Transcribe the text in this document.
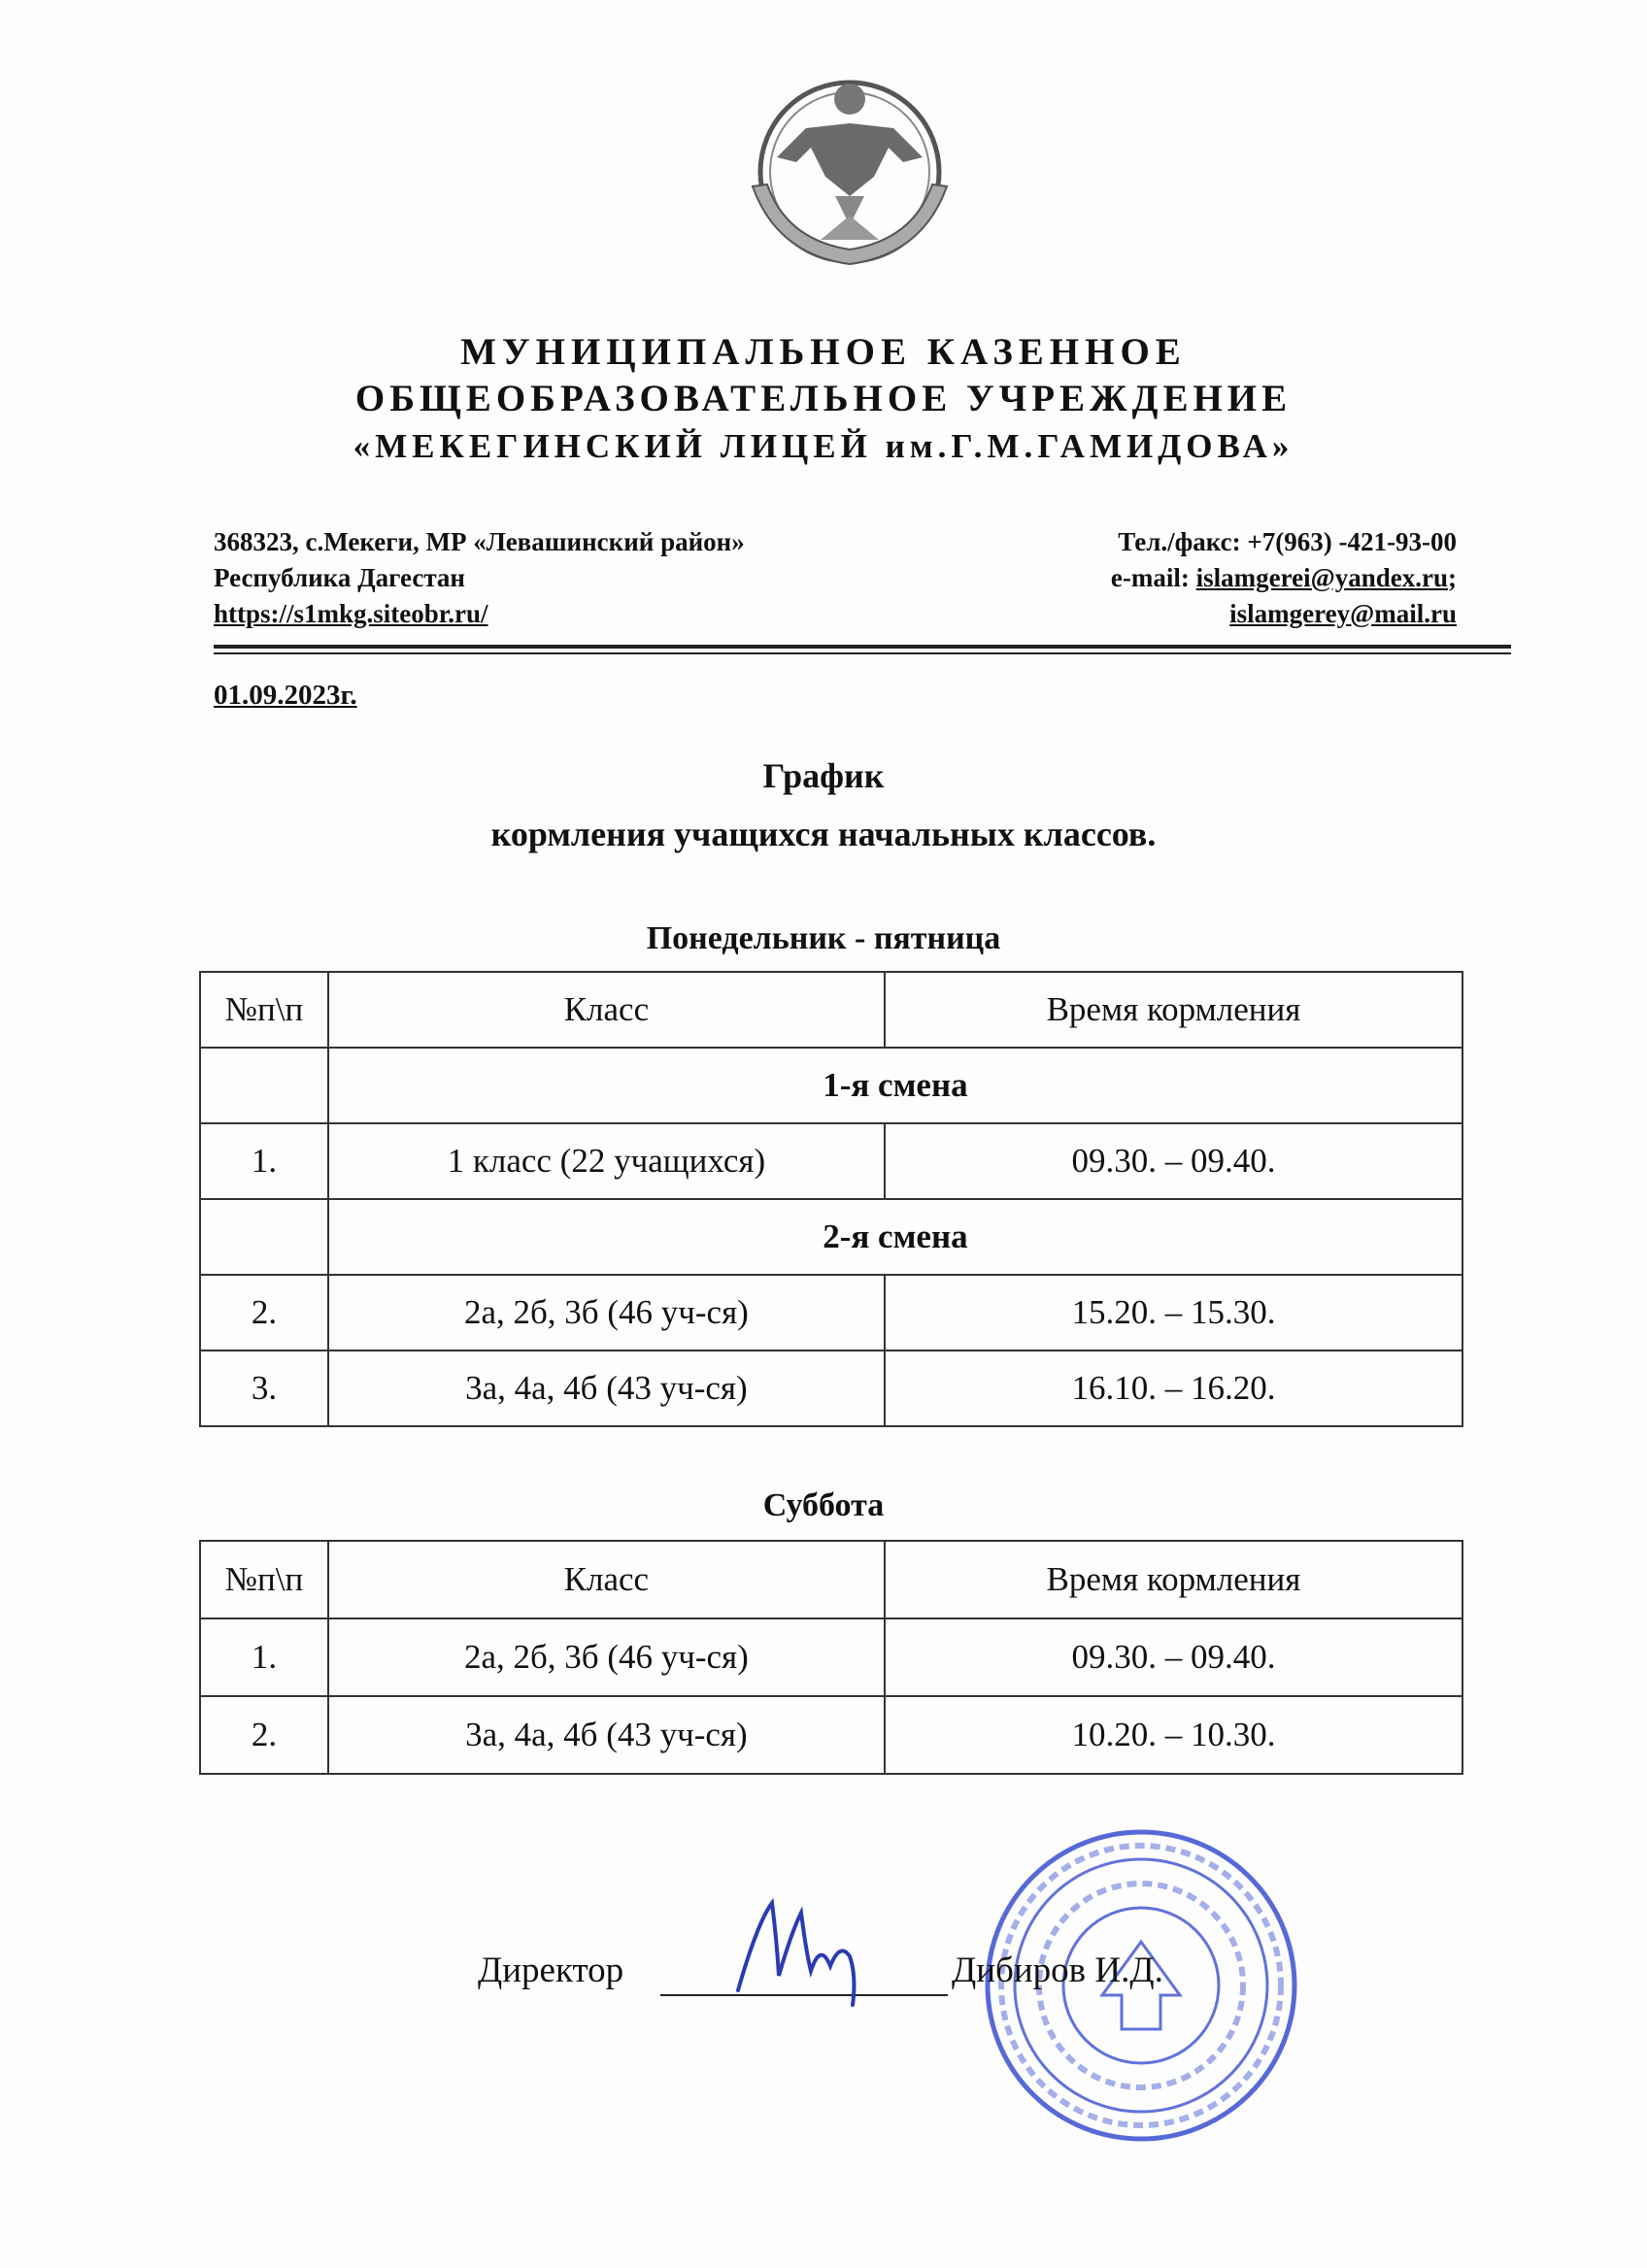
МУНИЦИПАЛЬНОЕ КАЗЕННОЕ
ОБЩЕОБРАЗОВАТЕЛЬНОЕ УЧРЕЖДЕНИЕ
«МЕКЕГИНСКИЙ ЛИЦЕЙ им.Г.М.ГАМИДОВА»
368323, с.Мекеги, МР «Левашинский район»
Республика Дагестан
https://s1mkg.siteobr.ru/
Тел./факс: +7(963) -421-93-00
e-mail: islamgerei@yandex.ru;
islamgerey@mail.ru
01.09.2023г.
График
кормления учащихся начальных классов.
Понедельник - пятница
№п\п	Класс	Время кормления
	1-я смена	
1.	1 класс (22 учащихся)	09.30. – 09.40.
	2-я смена	
2.	2а, 2б, 3б (46 уч-ся)	15.20. – 15.30.
3.	3а, 4а, 4б (43 уч-ся)	16.10. – 16.20.
Суббота
№п\п	Класс	Время кормления
1.	2а, 2б, 3б (46 уч-ся)	09.30. – 09.40.
2.	3а, 4а, 4б (43 уч-ся)	10.20. – 10.30.
Директор	Дибиров И.Д.
